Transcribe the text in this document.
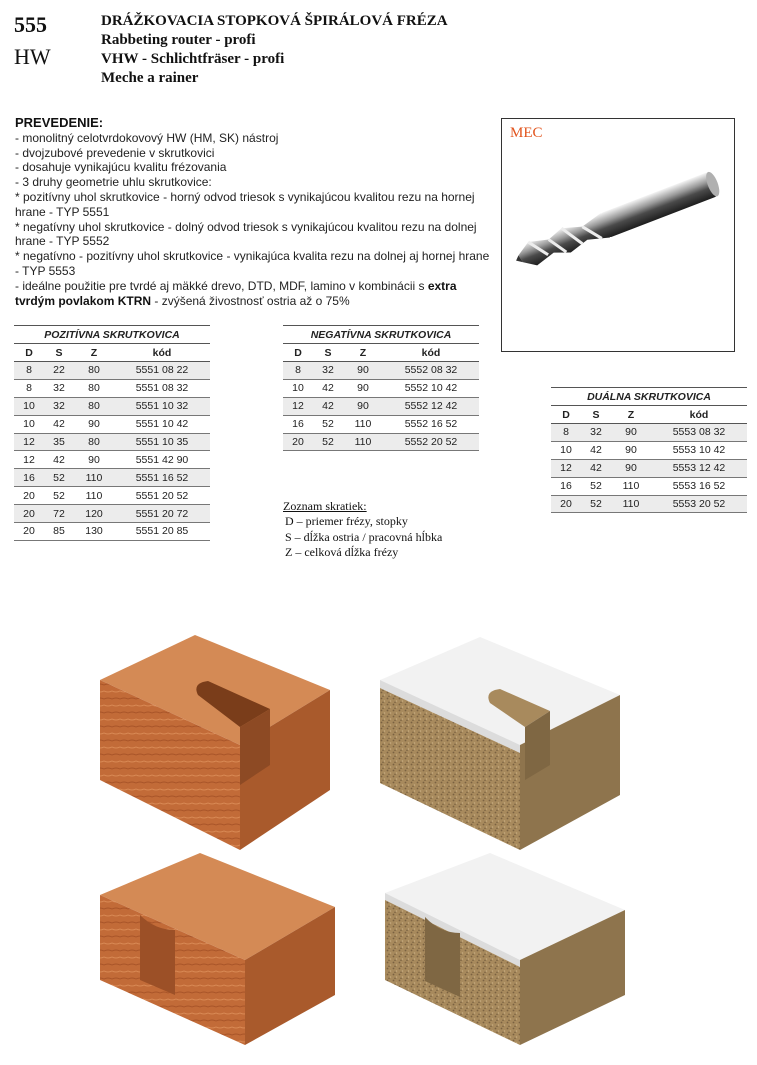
555
HW
DRÁŽKOVACIA STOPKOVÁ ŠPIRÁLOVÁ FRÉZA
Rabbeting router - profi
VHW - Schlichtfräser - profi
Meche a rainer
PREVEDENIE:
- monolitný celotvrdokovový HW (HM, SK) nástroj
- dvojzubové prevedenie v skrutkovici
- dosahuje vynikajúcu kvalitu frézovania
- 3 druhy geometrie uhlu skrutkovice:
* pozitívny uhol skrutkovice - horný odvod triesok s vynikajúcou kvalitou rezu na hornej
hrane - TYP 5551
* negatívny uhol skrutkovice - dolný odvod triesok s vynikajúcou kvalitou rezu na dolnej
hrane - TYP 5552
* negatívno - pozitívny uhol skrutkovice - vynikajúca kvalita rezu na dolnej aj hornej hrane
- TYP 5553
- ideálne použitie pre tvrdé aj mäkké drevo, DTD, MDF, lamino v kombinácii s extra
tvrdým povlakom KTRN - zvýšená živostnosť ostria až o 75%
MEC
POZITÍVNA SKRUTKOVICA			
D	S	Z	kód
8	22	80	5551 08 22
8	32	80	5551 08 32
10	32	80	5551 10 32
10	42	90	5551 10 42
12	35	80	5551 10 35
12	42	90	5551 42 90
16	52	110	5551 16 52
20	52	110	5551 20 52
20	72	120	5551 20 72
20	85	130	5551 20 85
NEGATÍVNA SKRUTKOVICA			
D	S	Z	kód
8	32	90	5552 08 32
10	42	90	5552 10 42
12	42	90	5552 12 42
16	52	110	5552 16 52
20	52	110	5552 20 52
DUÁLNA SKRUTKOVICA			
D	S	Z	kód
8	32	90	5553 08 32
10	42	90	5553 10 42
12	42	90	5553 12 42
16	52	110	5553 16 52
20	52	110	5553 20 52
Zoznam skratiek:
D – priemer frézy, stopky
S – dĺžka ostria / pracovná hĺbka
Z – celková dĺžka frézy
